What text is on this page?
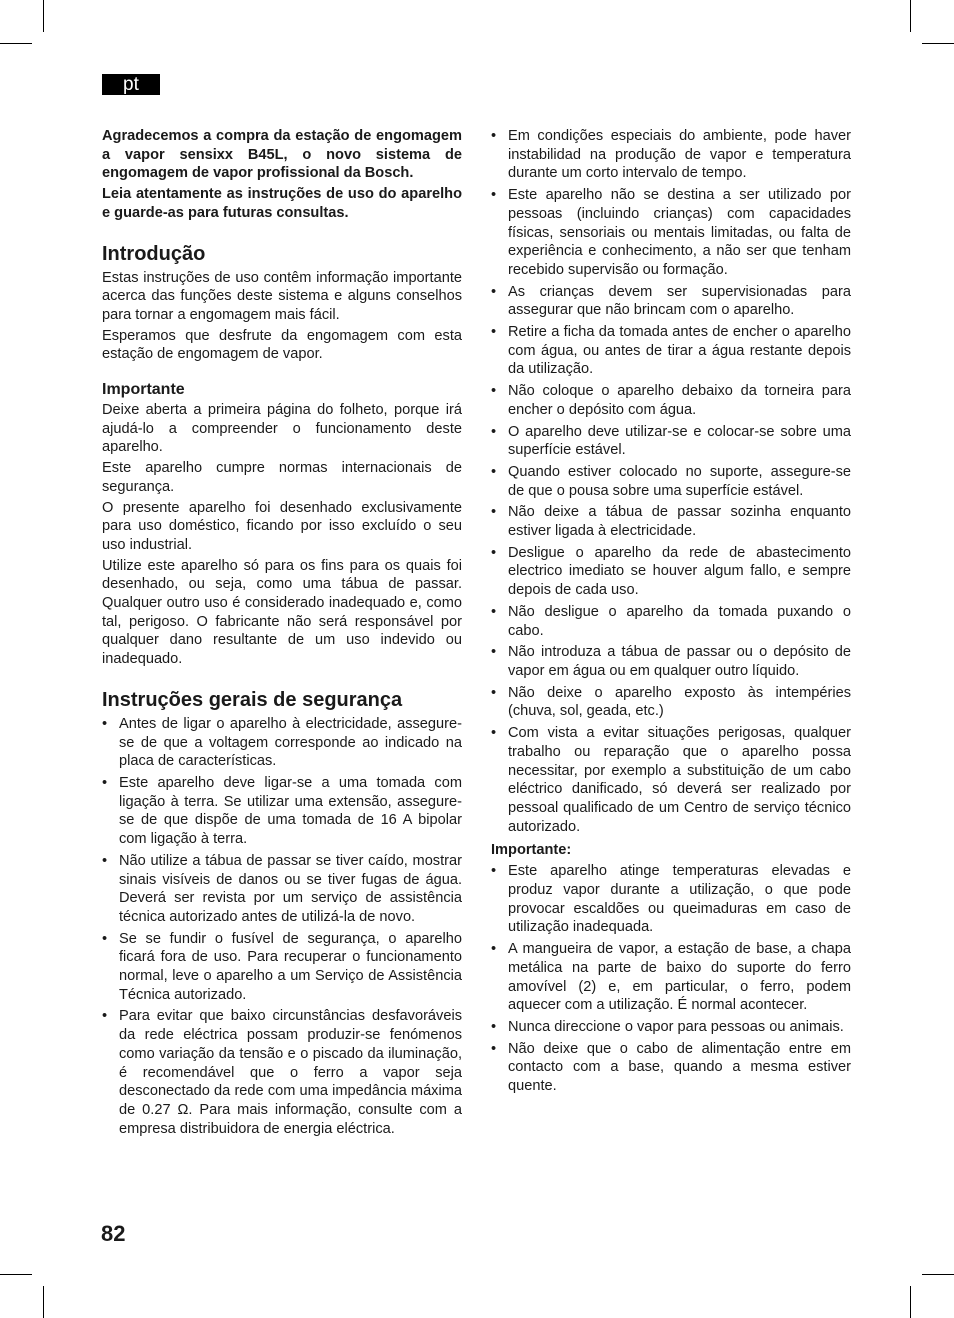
pt

Agradecemos a compra da estação de engomagem a vapor sensixx B45L, o novo sistema de engomagem de vapor profissional da Bosch.

Leia atentamente as instruções de uso do aparelho e guarde-as para futuras consultas.

Introdução

Estas instruções de uso contêm informação importante acerca das funções deste sistema e alguns conselhos para tornar a engomagem mais fácil.

Esperamos que desfrute da engomagem com esta estação de engomagem de vapor.

Importante

Deixe aberta a primeira página do folheto, porque irá ajudá-lo a compreender o funcionamento deste aparelho.

Este aparelho cumpre normas internacionais de segurança.

O presente aparelho foi desenhado exclusivamente para uso doméstico, ficando por isso excluído o seu uso industrial.

Utilize este aparelho só para os fins para os quais foi desenhado, ou seja, como uma tábua de passar. Qualquer outro uso é considerado inadequado e, como tal, perigoso. O fabricante não será responsável por qualquer dano resultante de um uso indevido ou inadequado.

Instruções gerais de segurança
• Antes de ligar o aparelho à electricidade, assegure-se de que a voltagem corresponde ao indicado na placa de características.
• Este aparelho deve ligar-se a uma tomada com ligação à terra. Se utilizar uma extensão, assegure-se de que dispõe de uma tomada de 16 A bipolar com ligação à terra.
• Não utilize a tábua de passar se tiver caído, mostrar sinais visíveis de danos ou se tiver fugas de água. Deverá ser revista por um serviço de assistência técnica autorizado antes de utilizá-la de novo.
• Se se fundir o fusível de segurança, o aparelho ficará fora de uso. Para recuperar o funcionamento normal, leve o aparelho a um Serviço de Assistência Técnica autorizado.
• Para evitar que baixo circunstâncias desfavoráveis da rede eléctrica possam produzir-se fenómenos como variação da tensão e o piscado da iluminação, é recomendável que o ferro a vapor seja desconectado da rede com uma impedância máxima de 0.27 Ω. Para mais informação, consulte com a empresa distribuidora de energia eléctrica.
• Em condições especiais do ambiente, pode haver instabilidad na produção de vapor e temperatura durante um corto intervalo de tempo.
• Este aparelho não se destina a ser utilizado por pessoas (incluindo crianças) com capacidades físicas, sensoriais ou mentais limitadas, ou falta de experiência e conhecimento, a não ser que tenham recebido supervisão ou formação.
• As crianças devem ser supervisionadas para assegurar que não brincam com o aparelho.
• Retire a ficha da tomada antes de encher o aparelho com água, ou antes de tirar a água restante depois da utilização.
• Não coloque o aparelho debaixo da torneira para encher o depósito com água.
• O aparelho deve utilizar-se e colocar-se sobre uma superfície estável.
• Quando estiver colocado no suporte, assegure-se de que o pousa sobre uma superfície estável.
• Não deixe a tábua de passar sozinha enquanto estiver ligada à electricidade.
• Desligue o aparelho da rede de abastecimento electrico imediato se houver algum fallo, e sempre depois de cada uso.
• Não desligue o aparelho da tomada puxando o cabo.
• Não introduza a tábua de passar ou o depósito de vapor em água ou em qualquer outro líquido.
• Não deixe o aparelho exposto às intempéries (chuva, sol, geada, etc.)
• Com vista a evitar situações perigosas, qualquer trabalho ou reparação que o aparelho possa necessitar, por exemplo a substituição de um cabo eléctrico danificado, só deverá ser realizado por pessoal qualificado de um Centro de serviço técnico autorizado.
Importante:
• Este aparelho atinge temperaturas elevadas e produz vapor durante a utilização, o que pode provocar escaldões ou queimaduras em caso de utilização inadequada.
• A mangueira de vapor, a estação de base, a chapa metálica na parte de baixo do suporte do ferro amovível (2) e, em particular, o ferro, podem aquecer com a utilização. É normal acontecer.
• Nunca direccione o vapor para pessoas ou animais.
• Não deixe que o cabo de alimentação entre em contacto com a base, quando a mesma estiver quente.
82
